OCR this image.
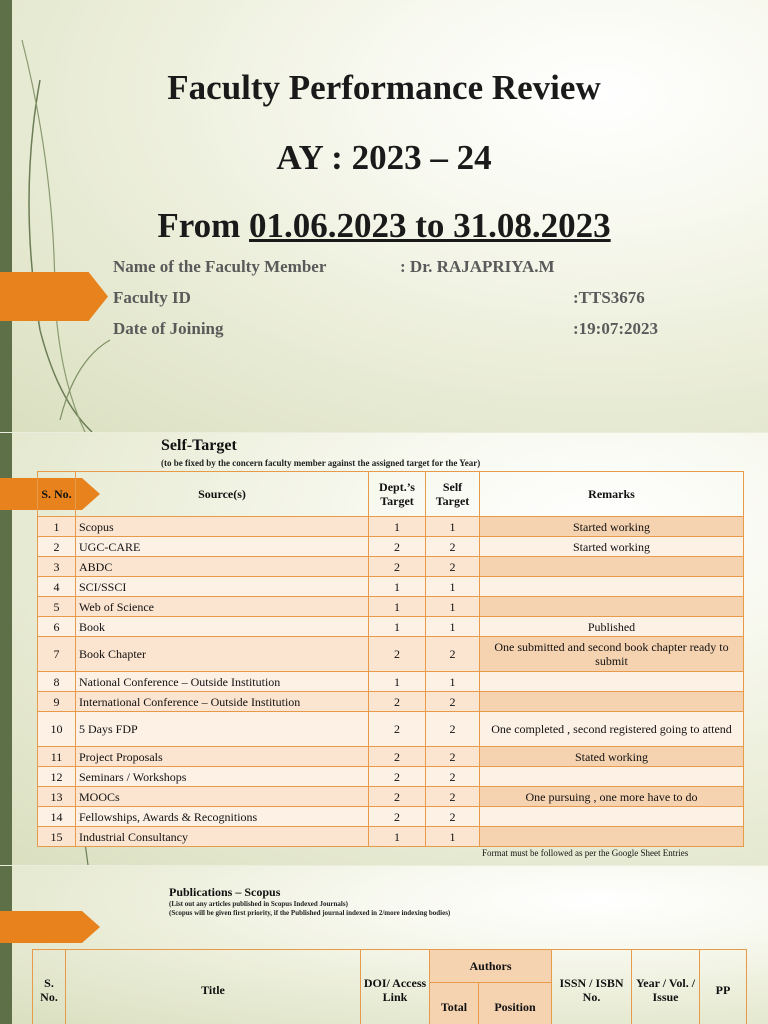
Faculty Performance Review
AY : 2023 – 24
From 01.06.2023 to 31.08.2023
Name of the Faculty Member	: Dr. RAJAPRIYA.M
Faculty ID	:TTS3676
Date of Joining	:19:07:2023
Self-Target
(to be fixed by the concern faculty member against the assigned target for the Year)
S. No.	Source(s)	Dept.’s Target	Self Target	Remarks
1	Scopus	1	1	Started working
2	UGC-CARE	2	2	Started working
3	ABDC	2	2	
4	SCI/SSCI	1	1	
5	Web of Science	1	1	
6	Book	1	1	Published
7	Book Chapter	2	2	One submitted and second book chapter ready to submit
8	National Conference – Outside Institution	1	1	
9	International Conference – Outside Institution	2	2	
10	5 Days FDP	2	2	One completed , second registered going to attend
11	Project Proposals	2	2	Stated working
12	Seminars / Workshops	2	2	
13	MOOCs	2	2	One pursuing , one more have to do
14	Fellowships, Awards & Recognitions	2	2	
15	Industrial Consultancy	1	1	
Format must be followed as per the Google Sheet Entries
Publications – Scopus
(List out any articles published in Scopus Indexed Journals)
(Scopus will be given first priority, if the Published journal indexed in 2/more indexing bodies)
S. No.	Title	DOI/ Access Link	Authors		ISSN / ISBN No.	Year / Vol. / Issue	PP	
			Total	Position				
